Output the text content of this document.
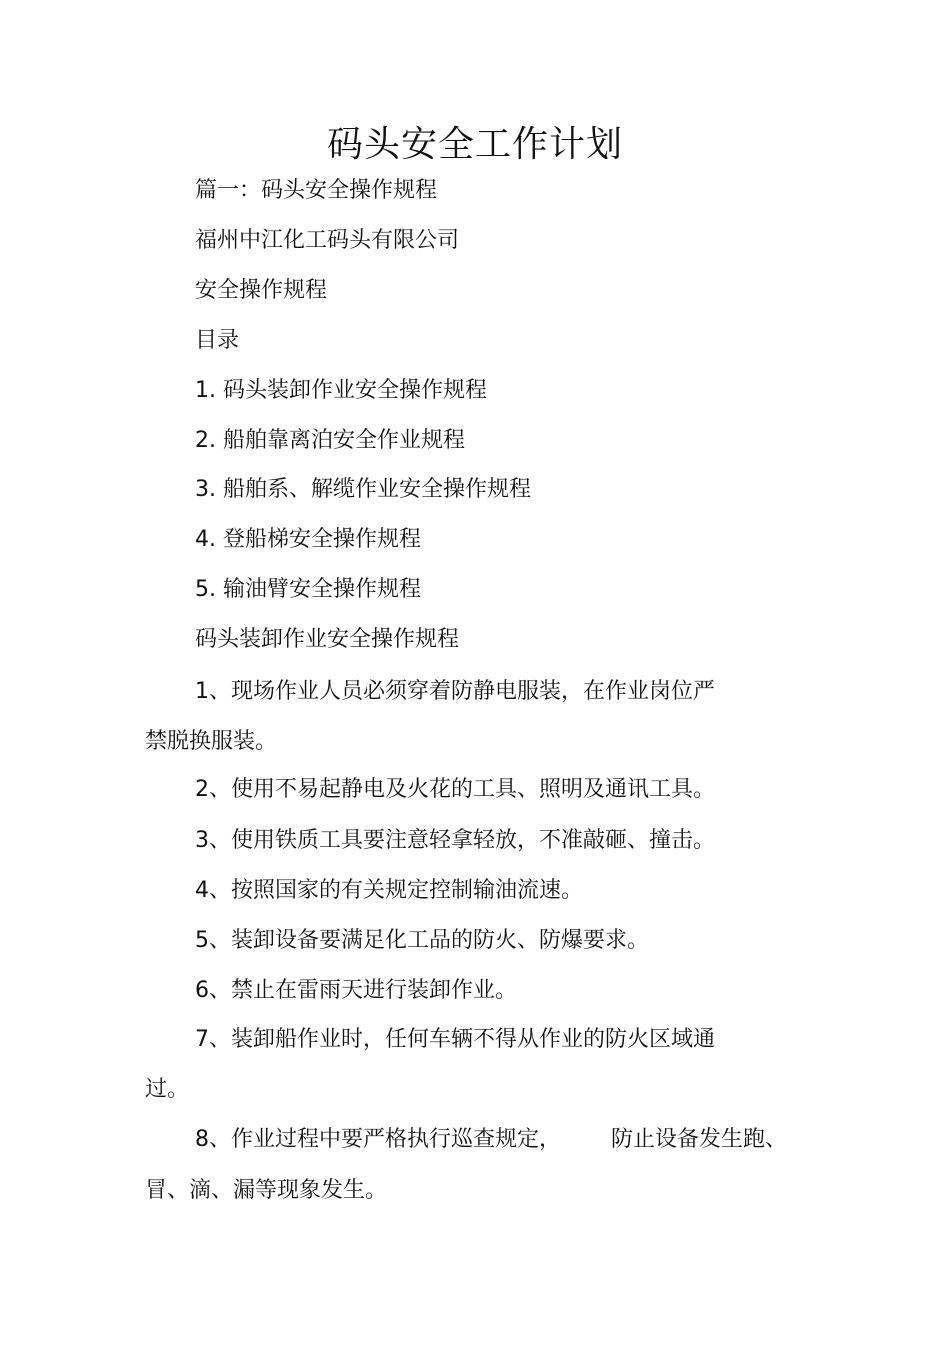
码头安全工作计划
篇一：码头安全操作规程
福州中江化工码头有限公司
安全操作规程
目录
1. 码头装卸作业安全操作规程
2. 船舶靠离泊安全作业规程
3. 船舶系、解缆作业安全操作规程
4. 登船梯安全操作规程
5. 输油臂安全操作规程
码头装卸作业安全操作规程
1、现场作业人员必须穿着防静电服装，在作业岗位严
禁脱换服装。
2、使用不易起静电及火花的工具、照明及通讯工具。
3、使用铁质工具要注意轻拿轻放，不准敲砸、撞击。
4、按照国家的有关规定控制输油流速。
5、装卸设备要满足化工品的防火、防爆要求。
6、禁止在雷雨天进行装卸作业。
7、装卸船作业时，任何车辆不得从作业的防火区域通
过。
8、作业过程中要严格执行巡查规定， 防止设备发生跑、
冒、滴、漏等现象发生。
